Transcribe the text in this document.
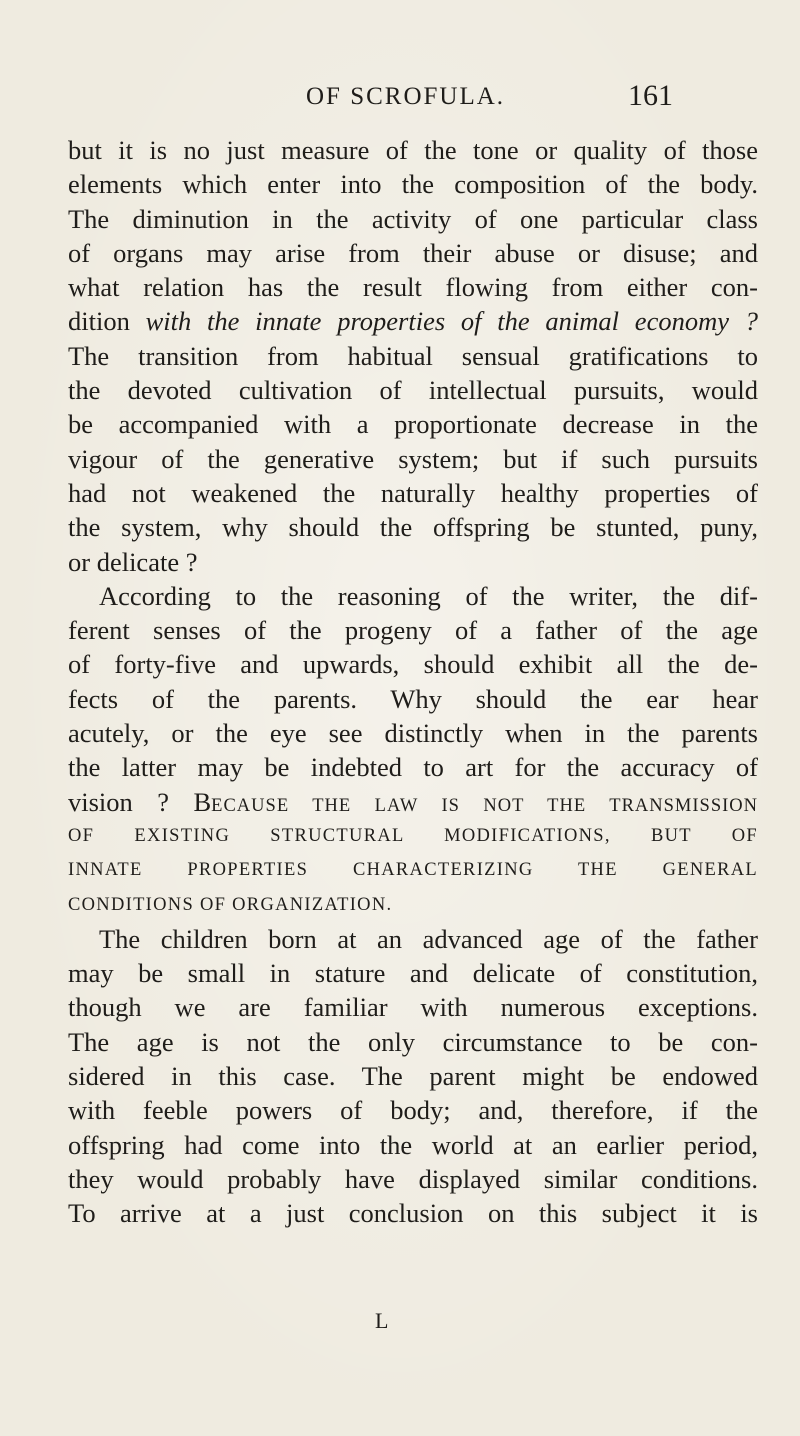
OF SCROFULA.	161
but it is no just measure of the tone or quality of those
elements which enter into the composition of the body.
The diminution in the activity of one particular class
of organs may arise from their abuse or disuse; and
what relation has the result flowing from either con-
dition with the innate properties of the animal economy ?
The transition from habitual sensual gratifications to
the devoted cultivation of intellectual pursuits, would
be accompanied with a proportionate decrease in the
vigour of the generative system; but if such pursuits
had not weakened the naturally healthy properties of
the system, why should the offspring be stunted, puny,
or delicate ?
According to the reasoning of the writer, the dif-
ferent senses of the progeny of a father of the age
of forty-five and upwards, should exhibit all the de-
fects of the parents. Why should the ear hear
acutely, or the eye see distinctly when in the parents
the latter may be indebted to art for the accuracy of
vision ? BECAUSE THE LAW IS NOT THE TRANSMISSION
OF EXISTING STRUCTURAL MODIFICATIONS, BUT OF
INNATE PROPERTIES CHARACTERIZING THE GENERAL
CONDITIONS OF ORGANIZATION.
The children born at an advanced age of the father
may be small in stature and delicate of constitution,
though we are familiar with numerous exceptions.
The age is not the only circumstance to be con-
sidered in this case. The parent might be endowed
with feeble powers of body; and, therefore, if the
offspring had come into the world at an earlier period,
they would probably have displayed similar conditions.
To arrive at a just conclusion on this subject it is
L
